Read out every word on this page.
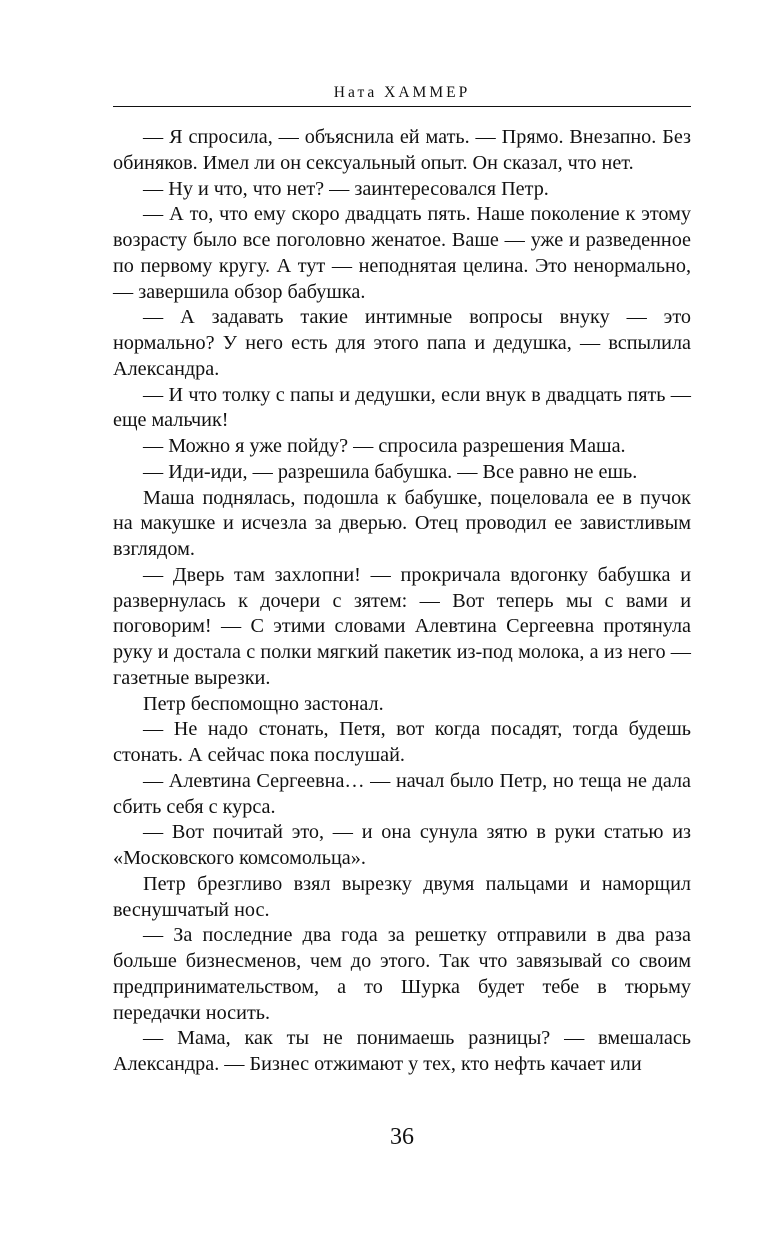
Ната ХАММЕР

— Я спросила, — объяснила ей мать. — Прямо. Внезапно. Без обиняков. Имел ли он сексуальный опыт. Он сказал, что нет.

— Ну и что, что нет? — заинтересовался Петр.

— А то, что ему скоро двадцать пять. Наше поколение к этому возрасту было все поголовно женатое. Ваше — уже и разведенное по первому кругу. А тут — неподнятая целина. Это ненормально, — завершила обзор бабушка.

— А задавать такие интимные вопросы внуку — это нормально? У него есть для этого папа и дедушка, — вспылила Александра.

— И что толку с папы и дедушки, если внук в двадцать пять — еще мальчик!

— Можно я уже пойду? — спросила разрешения Маша.

— Иди-иди, — разрешила бабушка. — Все равно не ешь.

Маша поднялась, подошла к бабушке, поцеловала ее в пучок на макушке и исчезла за дверью. Отец проводил ее завистливым взглядом.

— Дверь там захлопни! — прокричала вдогонку бабушка и развернулась к дочери с зятем: — Вот теперь мы с вами и поговорим! — С этими словами Алевтина Сергеевна протянула руку и достала с полки мягкий пакетик из-под молока, а из него — газетные вырезки.

Петр беспомощно застонал.

— Не надо стонать, Петя, вот когда посадят, тогда будешь стонать. А сейчас пока послушай.

— Алевтина Сергеевна… — начал было Петр, но теща не дала сбить себя с курса.

— Вот почитай это, — и она сунула зятю в руки статью из «Московского комсомольца».

Петр брезгливо взял вырезку двумя пальцами и наморщил веснушчатый нос.

— За последние два года за решетку отправили в два раза больше бизнесменов, чем до этого. Так что завязывай со своим предпринимательством, а то Шурка будет тебе в тюрьму передачки носить.

— Мама, как ты не понимаешь разницы? — вмешалась Александра. — Бизнес отжимают у тех, кто нефть качает или

36
